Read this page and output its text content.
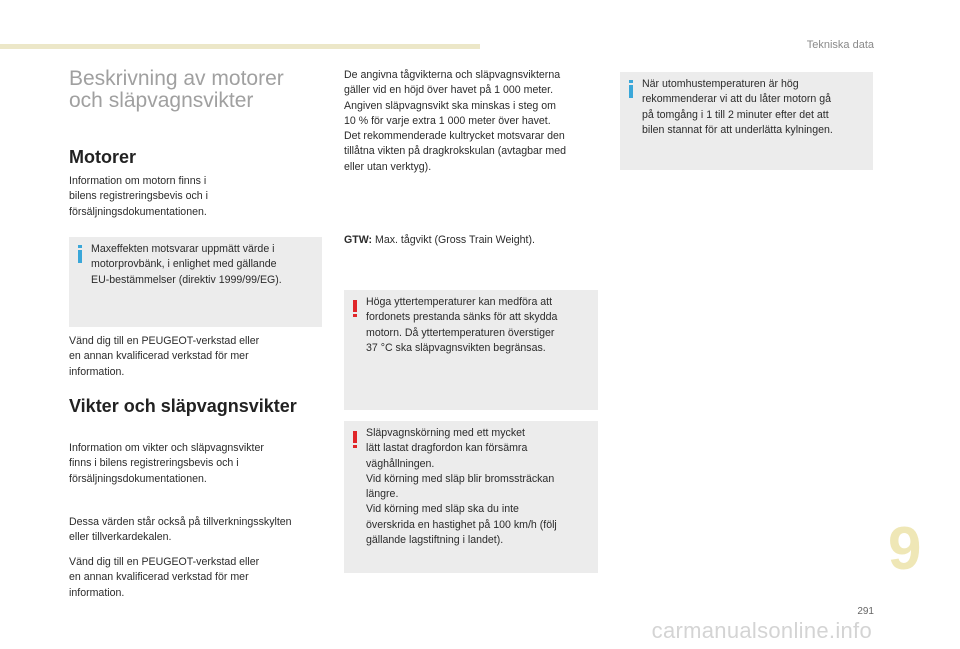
Tekniska data
Beskrivning av motorer
och släpvagnsvikter
Motorer

Information om motorn finns i
bilens registreringsbevis och i
försäljningsdokumentationen.

Maxeffekten motsvarar uppmätt värde i
motorprovbänk, i enlighet med gällande
EU-bestämmelser (direktiv 1999/99/EG).

Vänd dig till en PEUGEOT-verkstad eller
en annan kvalificerad verkstad för mer
information.

Vikter och släpvagnsvikter

Information om vikter och släpvagnsvikter
finns i bilens registreringsbevis och i
försäljningsdokumentationen.

Dessa värden står också på tillverkningsskylten
eller tillverkardekalen.

Vänd dig till en PEUGEOT-verkstad eller
en annan kvalificerad verkstad för mer
information.

De angivna tågvikterna och släpvagnsvikterna
gäller vid en höjd över havet på 1 000 meter.
Angiven släpvagnsvikt ska minskas i steg om
10 % för varje extra 1 000 meter över havet.
Det rekommenderade kultrycket motsvarar den
tillåtna vikten på dragkrokskulan (avtagbar med
eller utan verktyg).

GTW: Max. tågvikt (Gross Train Weight).

Höga yttertemperaturer kan medföra att
fordonets prestanda sänks för att skydda
motorn. Då yttertemperaturen överstiger
37 °C ska släpvagnsvikten begränsas.
Släpvagnskörning med ett mycket
lätt lastat dragfordon kan försämra
väghållningen.
Vid körning med släp blir bromssträckan
längre.
Vid körning med släp ska du inte
överskrida en hastighet på 100 km/h (följ
gällande lagstiftning i landet).
När utomhustemperaturen är hög
rekommenderar vi att du låter motorn gå
på tomgång i 1 till 2 minuter efter det att
bilen stannat för att underlätta kylningen.
9
291
carmanualsonline.info
